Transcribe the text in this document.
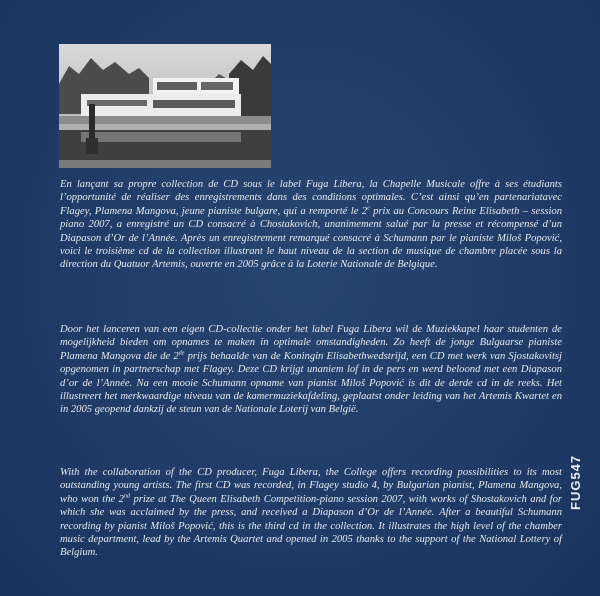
En lançant sa propre collection de CD sous le label Fuga Libera, la Chapelle Musicale offre à ses étudiants l’opportunité de réaliser des enregistrements dans des conditions optimales. C’est ainsi qu’en partenariatavec Flagey, Plamena Mangova, jeune pianiste bulgare, qui a remporté le 2e prix au Concours Reine Elisabeth – session piano 2007, a enregistré un CD consacré à Chostakovich, unanimement salué par la presse et récompensé d’un Diapason d’Or de l’Année. Après un enregistrement remarqué consacré à Schumann par le pianiste Miloš Popović, voici le troisième cd de la collection illustrant le haut niveau de la section de musique de chambre placée sous la direction du Quatuor Artemis, ouverte en 2005 grâce à la Loterie Nationale de Belgique.

Door het lanceren van een eigen CD-collectie onder het label Fuga Libera wil de Muziekkapel haar studenten de mogelijkheid bieden om opnames te maken in optimale omstandigheden. Zo heeft de jonge Bulgaarse pianiste Plamena Mangova die de 2de prijs behaalde van de Koningin Elisabethwedstrijd, een CD met werk van Sjostakovitsj opgenomen in partnerschap met Flagey. Deze CD krijgt unaniem lof in de pers en werd beloond met een Diapason d’or de l’Année. Na een mooie Schumann opname van pianist Miloš Popović is dit de derde cd in de reeks. Het illustreert het merkwaardige niveau van de kamermuziekafdeling, geplaatst onder leiding van het Artemis Kwartet en in 2005 geopend dankzij de steun van de Nationale Loterij van België.

With the collaboration of the CD producer, Fuga Libera, the College offers recording possibilities to its most outstanding young artists. The first CD was recorded, in Flagey studio 4, by Bulgarian pianist, Plamena Mangova, who won the 2nd prize at The Queen Elisabeth Competition-piano session 2007, with works of Shostakovich and for which she was acclaimed by the press, and received a Diapason d’Or de l’Année. After a beautiful Schumann recording by pianist Miloš Popović, this is the third cd in the collection. It illustrates the high level of the chamber music department, lead by the Artemis Quartet and opened in 2005 thanks to the support of the National Lottery of Belgium.

FUG547
